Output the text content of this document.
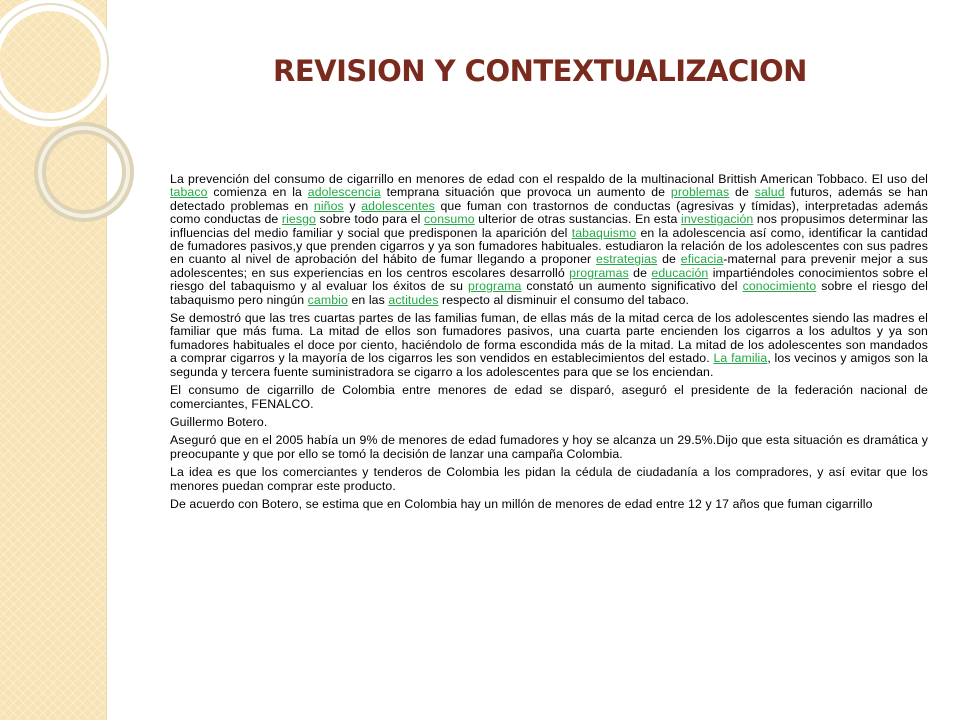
REVISION Y CONTEXTUALIZACION

La prevención del consumo de cigarrillo en menores de edad con el respaldo de la multinacional Brittish American Tobbaco. El uso del tabaco comienza en la adolescencia temprana situación que provoca un aumento de problemas de salud futuros, además se han detectado problemas en niños y adolescentes que fuman con trastornos de conductas (agresivas y tímidas), interpretadas además como conductas de riesgo sobre todo para el consumo ulterior de otras sustancias. En esta investigación nos propusimos determinar las influencias del medio familiar y social que predisponen la aparición del tabaquismo en la adolescencia así como, identificar la cantidad de fumadores pasivos,y que prenden cigarros y ya son fumadores habituales. estudiaron la relación de los adolescentes con sus padres en cuanto al nivel de aprobación del hábito de fumar llegando a proponer estrategias de eficacia-maternal para prevenir mejor a sus adolescentes; en sus experiencias en los centros escolares desarrolló programas de educación impartiéndoles conocimientos sobre el riesgo del tabaquismo y al evaluar los éxitos de su programa constató un aumento significativo del conocimiento sobre el riesgo del tabaquismo pero ningún cambio en las actitudes respecto al disminuir el consumo del tabaco.

Se demostró que las tres cuartas partes de las familias fuman, de ellas más de la mitad cerca de los adolescentes siendo las madres el familiar que más fuma. La mitad de ellos son fumadores pasivos, una cuarta parte encienden los cigarros a los adultos y ya son fumadores habituales el doce por ciento, haciéndolo de forma escondida más de la mitad. La mitad de los adolescentes son mandados a comprar cigarros y la mayoría de los cigarros les son vendidos en establecimientos del estado. La familia, los vecinos y amigos son la segunda y tercera fuente suministradora se cigarro a los adolescentes para que se los enciendan.

El consumo de cigarrillo de Colombia entre menores de edad se disparó, aseguró el presidente de la federación nacional de comerciantes, FENALCO.

Guillermo Botero.

Aseguró que en el 2005 había un 9% de menores de edad fumadores y hoy se alcanza un 29.5%.Dijo que esta situación es dramática y preocupante y que por ello se tomó la decisión de lanzar una campaña Colombia.

La idea es que los comerciantes y tenderos de Colombia les pidan la cédula de ciudadanía a los compradores, y así evitar que los menores puedan comprar este producto.

De acuerdo con Botero, se estima que en Colombia hay un millón de menores de edad entre 12 y 17 años que fuman cigarrillo
